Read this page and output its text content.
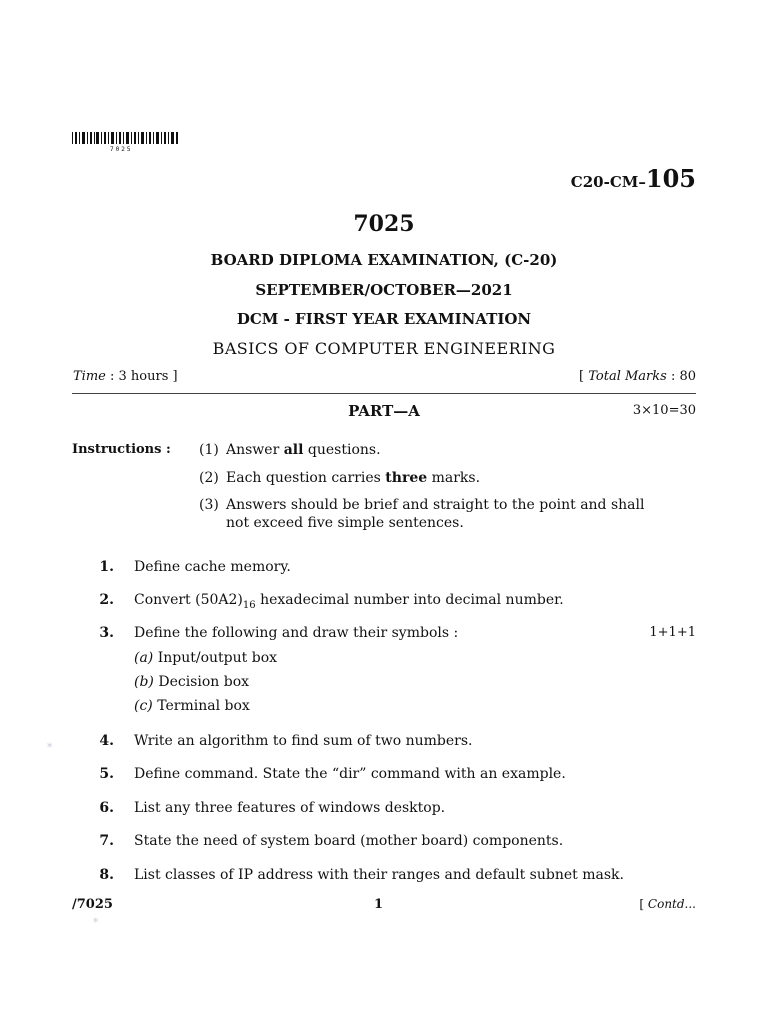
7025
C20-CM–105
7025
BOARD DIPLOMA EXAMINATION, (C-20)
SEPTEMBER/OCTOBER—2021
DCM - FIRST YEAR EXAMINATION
BASICS OF COMPUTER ENGINEERING
Time : 3 hours ]	[ Total Marks : 80
PART—A	3×10=30
Instructions : (1) Answer all questions.
(2) Each question carries three marks.
(3) Answers should be brief and straight to the point and shall
not exceed five simple sentences.
1. Define cache memory.
2. Convert $(50A2)_{16}$ hexadecimal number into decimal number.
3. Define the following and draw their symbols :	1+1+1
(a) Input/output box
(b) Decision box
(c) Terminal box
4. Write an algorithm to find sum of two numbers.
5. Define command. State the “dir” command with an example.
6. List any three features of windows desktop.
7. State the need of system board (mother board) components.
8. List classes of IP address with their ranges and default subnet mask.
/7025	1	[ Contd...
*
*
